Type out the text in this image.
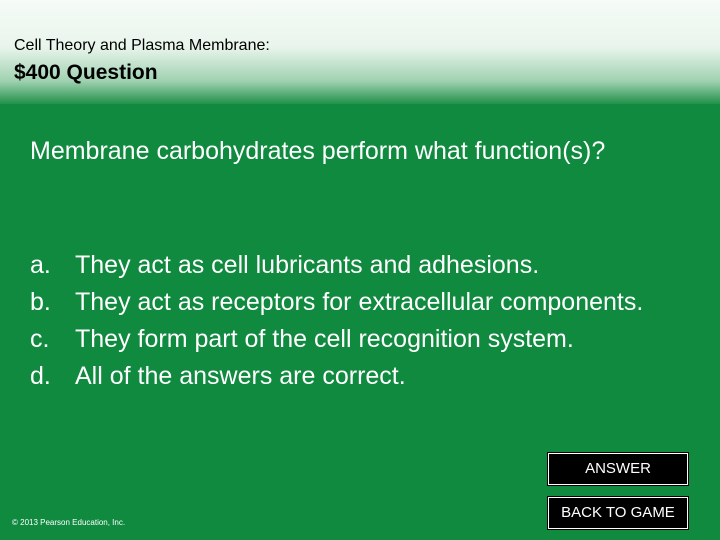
Cell Theory and Plasma Membrane:
$400 Question
Membrane carbohydrates perform what function(s)?
a. They act as cell lubricants and adhesions.
b. They act as receptors for extracellular components.
c. They form part of the cell recognition system.
d. All of the answers are correct.
ANSWER
BACK TO GAME
© 2013 Pearson Education, Inc.
